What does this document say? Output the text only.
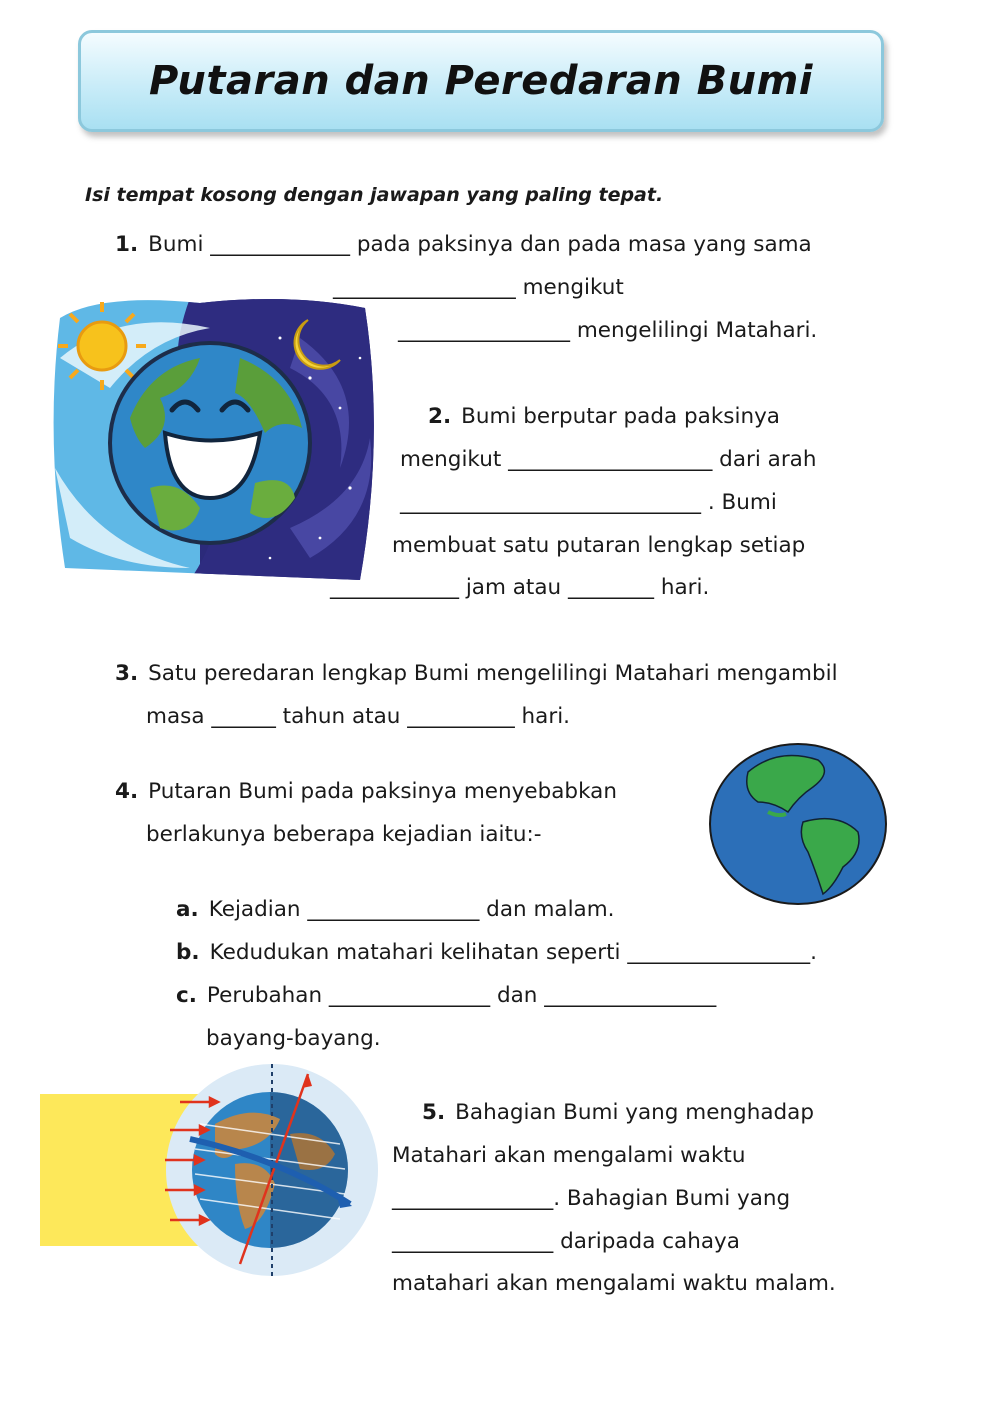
Putaran dan Peredaran Bumi
Isi tempat kosong dengan jawapan yang paling tepat.
1. Bumi _____________ pada paksinya dan pada masa yang sama
_________________ mengikut
________________ mengelilingi Matahari.
2. Bumi berputar pada paksinya
mengikut ___________________ dari arah
____________________________ . Bumi
membuat satu putaran lengkap setiap
____________ jam atau ________ hari.
3. Satu peredaran lengkap Bumi mengelilingi Matahari mengambil
masa ______ tahun atau __________ hari.
4. Putaran Bumi pada paksinya menyebabkan
berlakunya beberapa kejadian iaitu:-
a. Kejadian ________________ dan malam.
b. Kedudukan matahari kelihatan seperti _________________.
c. Perubahan _______________ dan ________________
bayang-bayang.
5. Bahagian Bumi yang menghadap
Matahari akan mengalami waktu
_______________. Bahagian Bumi yang
_______________ daripada cahaya
matahari akan mengalami waktu malam.
